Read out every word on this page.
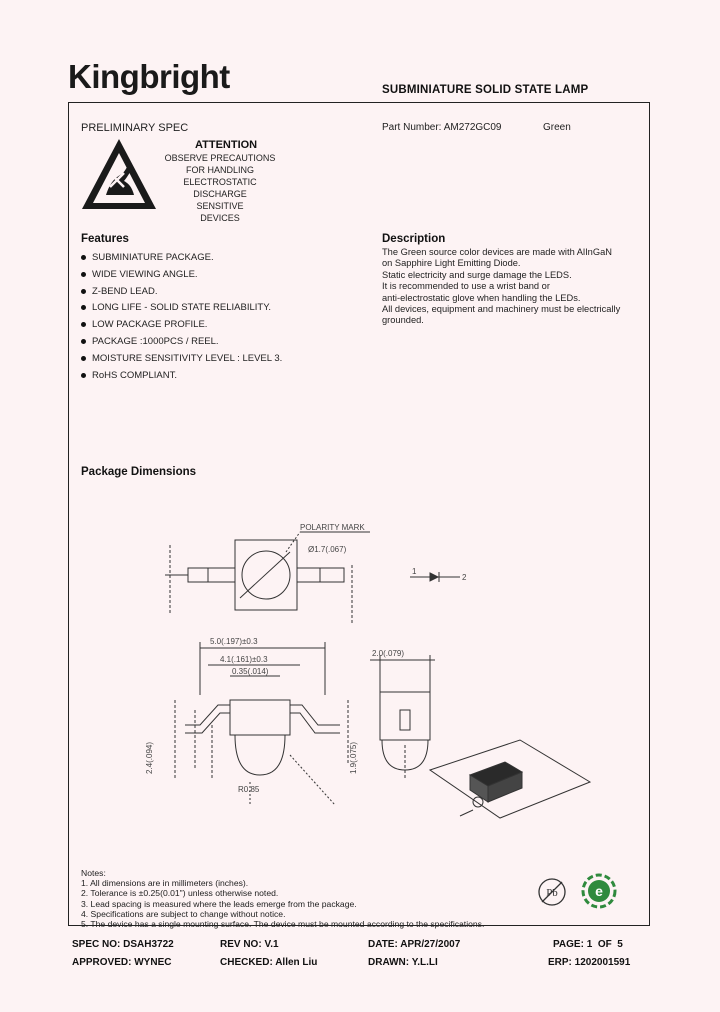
Kingbright	SUBMINIATURE SOLID STATE LAMP
PRELIMINARY SPEC	Part Number: AM272GC09	Green
ATTENTION
OBSERVE PRECAUTIONS
FOR HANDLING
ELECTROSTATIC
DISCHARGE
SENSITIVE
DEVICES
Features
SUBMINIATURE PACKAGE.
WIDE VIEWING ANGLE.
Z-BEND LEAD.
LONG LIFE - SOLID STATE RELIABILITY.
LOW PACKAGE PROFILE.
PACKAGE :1000PCS / REEL.
MOISTURE SENSITIVITY LEVEL : LEVEL 3.
RoHS COMPLIANT.
Description

The Green source color devices are made with AlInGaN

on Sapphire Light Emitting Diode.

Static electricity and surge damage the LEDS.

It is recommended to use a wrist band or

anti-electrostatic glove when handling the LEDs.

All devices, equipment and machinery must be electrically

grounded.

Package Dimensions
POLARITY MARK
Ø1.7(.067)
1
2
5.0(.197)±0.3
4.1(.161)±0.3
0.35(.014)
2.0(.079)
2.4(.094)	1.9(.075)
R0.85

Notes:

1. All dimensions are in millimeters (inches).

2. Tolerance is ±0.25(0.01") unless otherwise noted.

3. Lead spacing is measured where the leads emerge from the package.

4. Specifications are subject to change without notice.

5. The device has a single mounting surface. The device must be mounted according to the specifications.

Pb	e
SPEC NO: DSAH3722	REV NO: V.1	DATE: APR/27/2007	PAGE: 1  OF  5
APPROVED: WYNEC	CHECKED: Allen Liu	DRAWN: Y.L.LI	ERP: 1202001591
